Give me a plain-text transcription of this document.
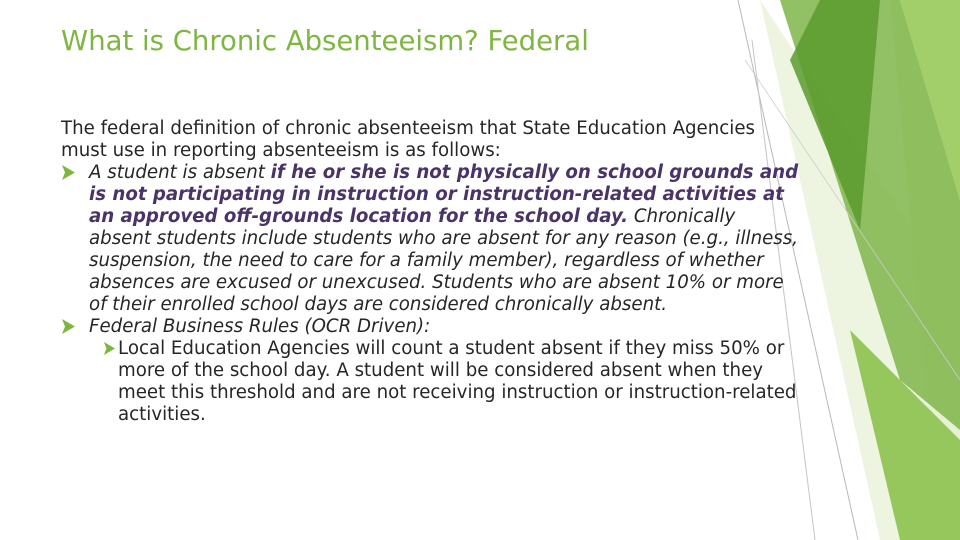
What is Chronic Absenteeism? Federal

The federal definition of chronic absenteeism that State Education Agencies must use in reporting absenteeism is as follows:

A student is absent if he or she is not physically on school grounds and is not participating in instruction or instruction-related activities at an approved off-grounds location for the school day. Chronically absent students include students who are absent for any reason (e.g., illness, suspension, the need to care for a family member), regardless of whether absences are excused or unexcused. Students who are absent 10% or more of their enrolled school days are considered chronically absent.
Federal Business Rules (OCR Driven):
Local Education Agencies will count a student absent if they miss 50% or more of the school day. A student will be considered absent when they meet this threshold and are not receiving instruction or instruction-related activities.
